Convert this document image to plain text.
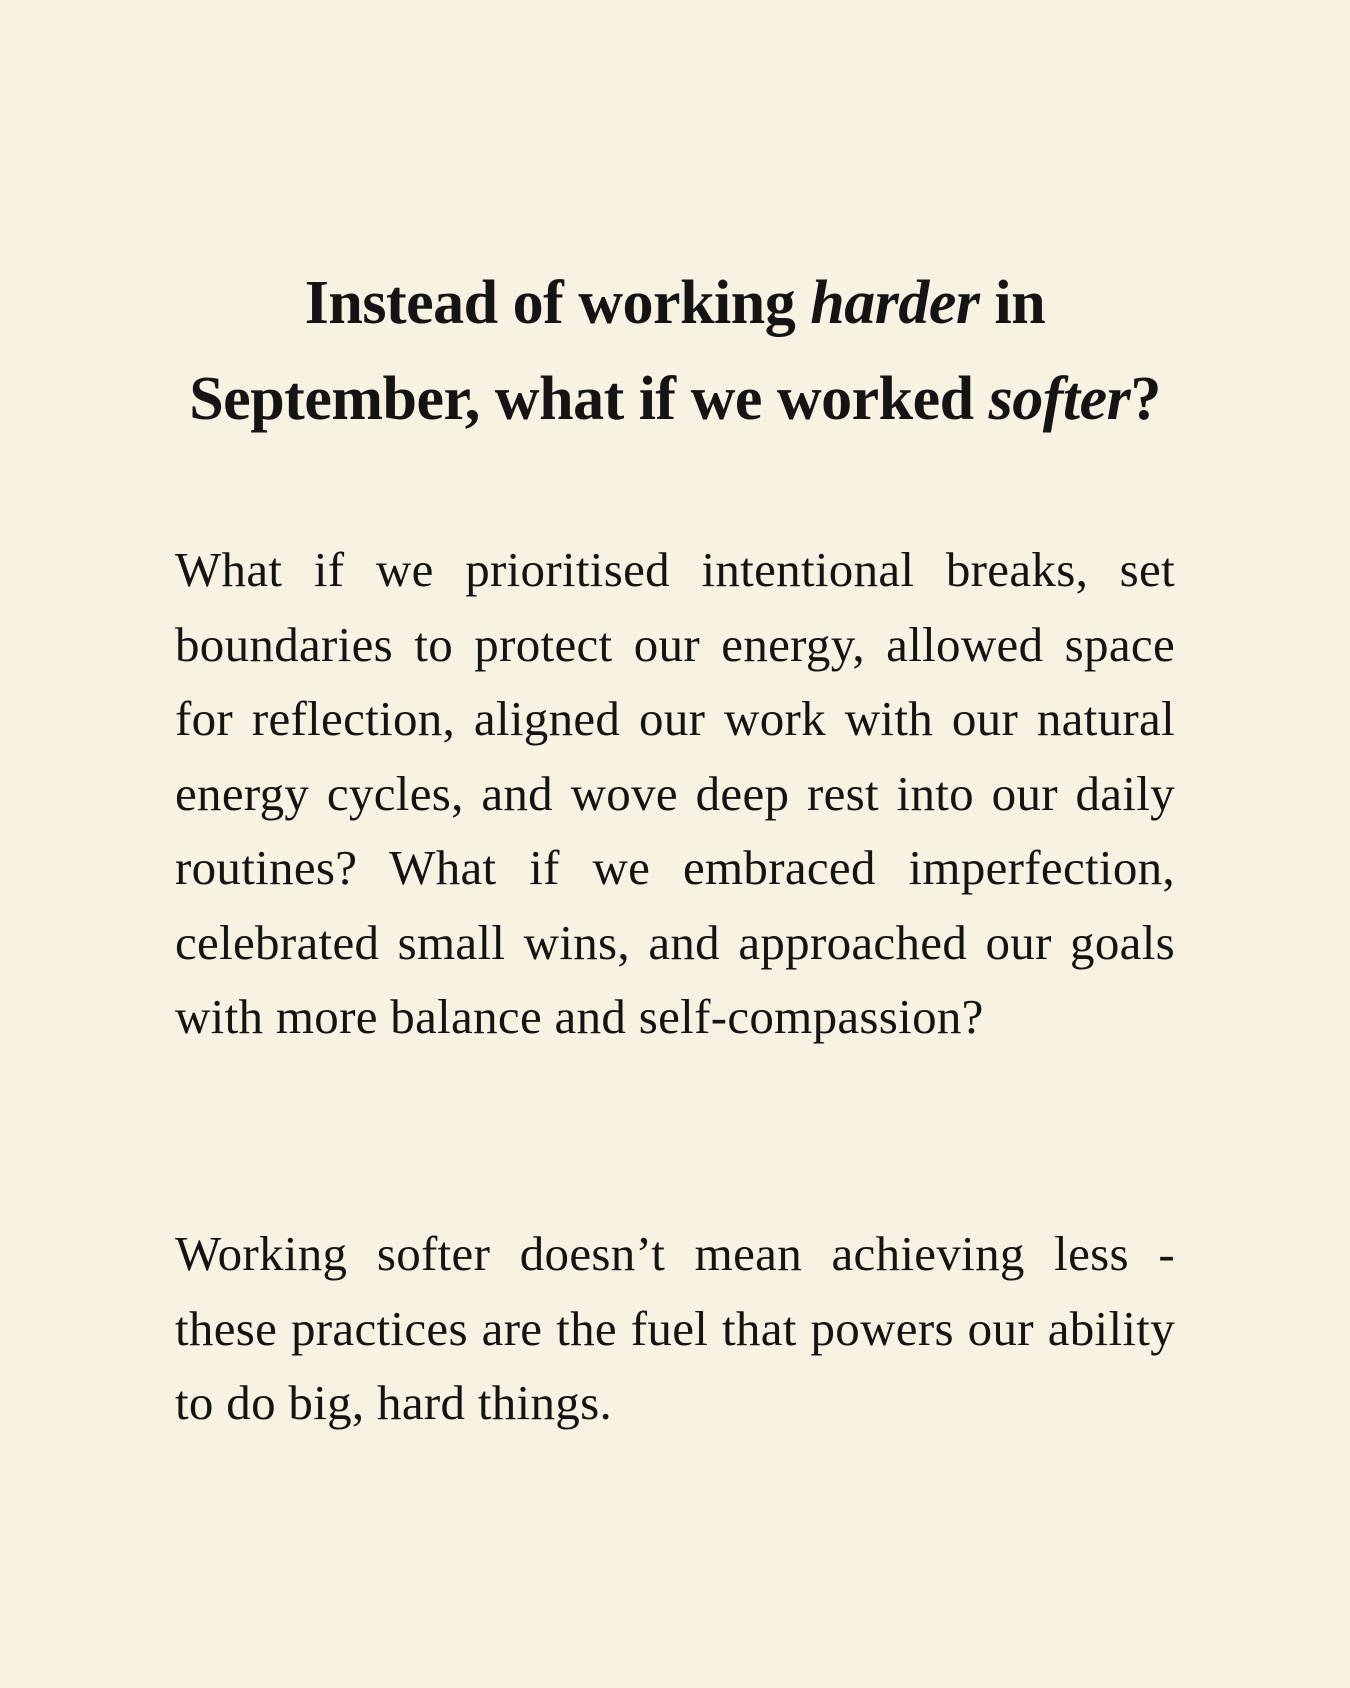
Instead of working harder in
September, what if we worked softer?

What if we prioritised intentional breaks, set boundaries to protect our energy, allowed space for reflection, aligned our work with our natural energy cycles, and wove deep rest into our daily routines? What if we embraced imperfection, celebrated small wins, and approached our goals with more balance and self-compassion?

Working softer doesn’t mean achieving less - these practices are the fuel that powers our ability to do big, hard things.
